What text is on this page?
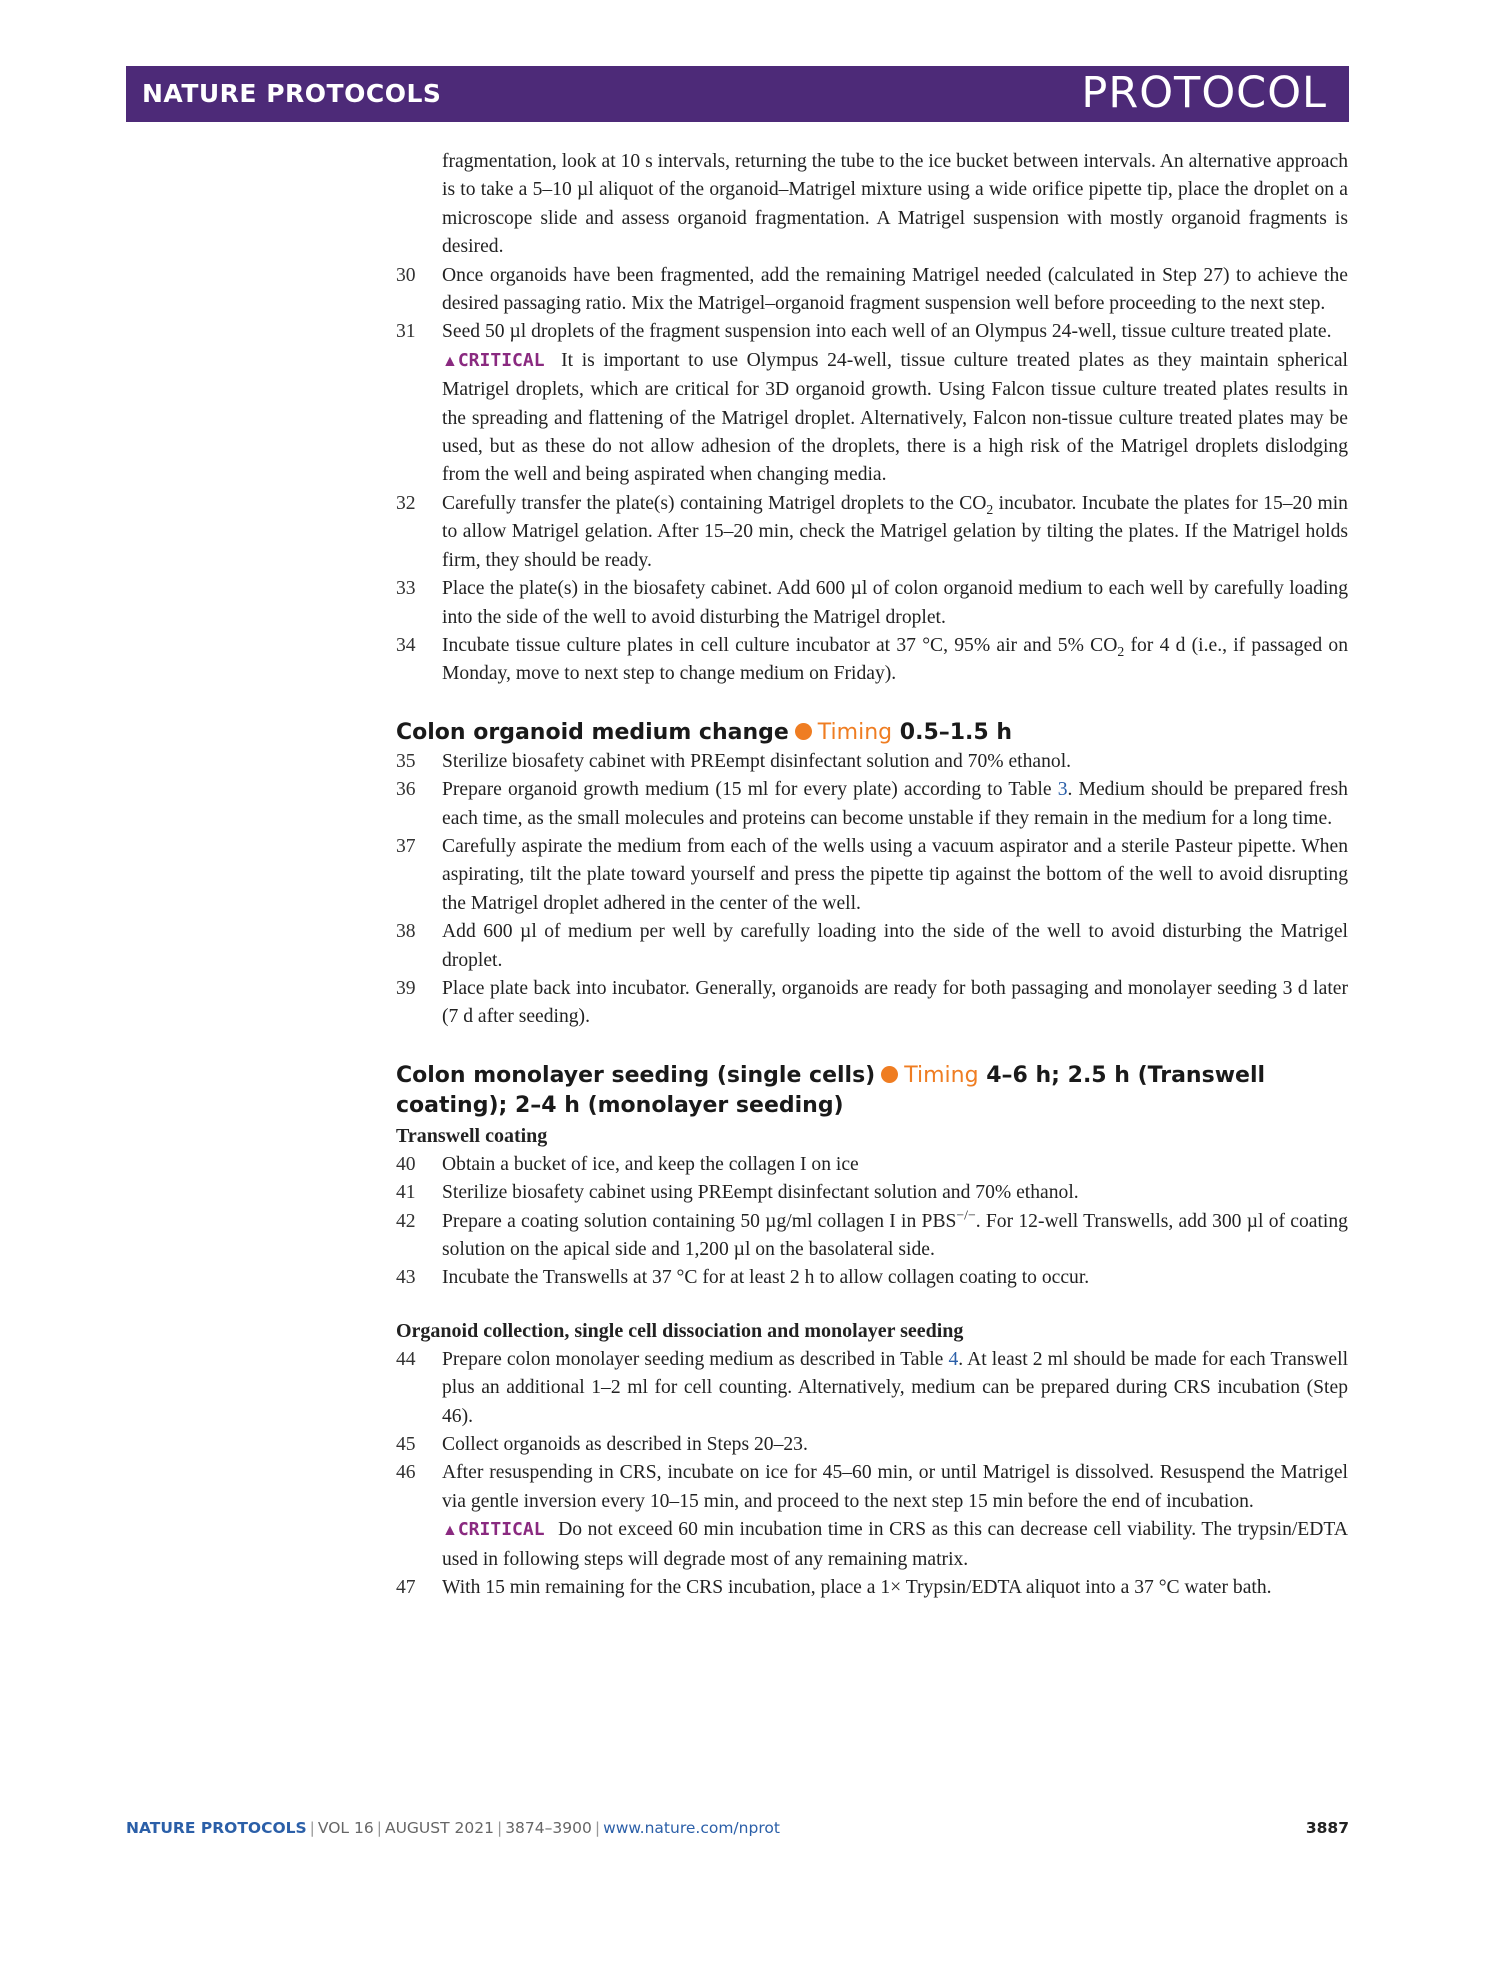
NATURE PROTOCOLS	PROTOCOL
fragmentation, look at 10 s intervals, returning the tube to the ice bucket between intervals. An alternative approach is to take a 5–10 µl aliquot of the organoid–Matrigel mixture using a wide orifice pipette tip, place the droplet on a microscope slide and assess organoid fragmentation. A Matrigel suspension with mostly organoid fragments is desired.
30	Once organoids have been fragmented, add the remaining Matrigel needed (calculated in Step 27) to achieve the desired passaging ratio. Mix the Matrigel–organoid fragment suspension well before proceeding to the next step.
31	Seed 50 µl droplets of the fragment suspension into each well of an Olympus 24-well, tissue culture treated plate.
▲CRITICAL It is important to use Olympus 24-well, tissue culture treated plates as they maintain spherical Matrigel droplets, which are critical for 3D organoid growth. Using Falcon tissue culture treated plates results in the spreading and flattening of the Matrigel droplet. Alternatively, Falcon non-tissue culture treated plates may be used, but as these do not allow adhesion of the droplets, there is a high risk of the Matrigel droplets dislodging from the well and being aspirated when changing media.
32	Carefully transfer the plate(s) containing Matrigel droplets to the $CO_2$ incubator. Incubate the plates for 15–20 min to allow Matrigel gelation. After 15–20 min, check the Matrigel gelation by tilting the plates. If the Matrigel holds firm, they should be ready.
33	Place the plate(s) in the biosafety cabinet. Add 600 µl of colon organoid medium to each well by carefully loading into the side of the well to avoid disturbing the Matrigel droplet.
34	Incubate tissue culture plates in cell culture incubator at 37 °C, 95% air and 5% $CO_2$ for 4 d (i.e., if passaged on Monday, move to next step to change medium on Friday).
Colon organoid medium change Timing 0.5–1.5 h
35	Sterilize biosafety cabinet with PREempt disinfectant solution and 70% ethanol.
36	Prepare organoid growth medium (15 ml for every plate) according to Table 3. Medium should be prepared fresh each time, as the small molecules and proteins can become unstable if they remain in the medium for a long time.
37	Carefully aspirate the medium from each of the wells using a vacuum aspirator and a sterile Pasteur pipette. When aspirating, tilt the plate toward yourself and press the pipette tip against the bottom of the well to avoid disrupting the Matrigel droplet adhered in the center of the well.
38	Add 600 µl of medium per well by carefully loading into the side of the well to avoid disturbing the Matrigel droplet.
39	Place plate back into incubator. Generally, organoids are ready for both passaging and monolayer seeding 3 d later (7 d after seeding).
Colon monolayer seeding (single cells) Timing 4–6 h; 2.5 h (Transwell coating); 2–4 h (monolayer seeding)
Transwell coating
40	Obtain a bucket of ice, and keep the collagen I on ice
41	Sterilize biosafety cabinet using PREempt disinfectant solution and 70% ethanol.
42	Prepare a coating solution containing 50 µg/ml collagen I in PBS−/−. For 12-well Transwells, add 300 µl of coating solution on the apical side and 1,200 µl on the basolateral side.
43	Incubate the Transwells at 37 °C for at least 2 h to allow collagen coating to occur.
Organoid collection, single cell dissociation and monolayer seeding
44	Prepare colon monolayer seeding medium as described in Table 4. At least 2 ml should be made for each Transwell plus an additional 1–2 ml for cell counting. Alternatively, medium can be prepared during CRS incubation (Step 46).
45	Collect organoids as described in Steps 20–23.
46	After resuspending in CRS, incubate on ice for 45–60 min, or until Matrigel is dissolved. Resuspend the Matrigel via gentle inversion every 10–15 min, and proceed to the next step 15 min before the end of incubation.
▲CRITICAL Do not exceed 60 min incubation time in CRS as this can decrease cell viability. The trypsin/EDTA used in following steps will degrade most of any remaining matrix.
47	With 15 min remaining for the CRS incubation, place a 1× Trypsin/EDTA aliquot into a 37 °C water bath.
NATURE PROTOCOLS | VOL 16 | AUGUST 2021 | 3874–3900 | www.nature.com/nprot	3887
